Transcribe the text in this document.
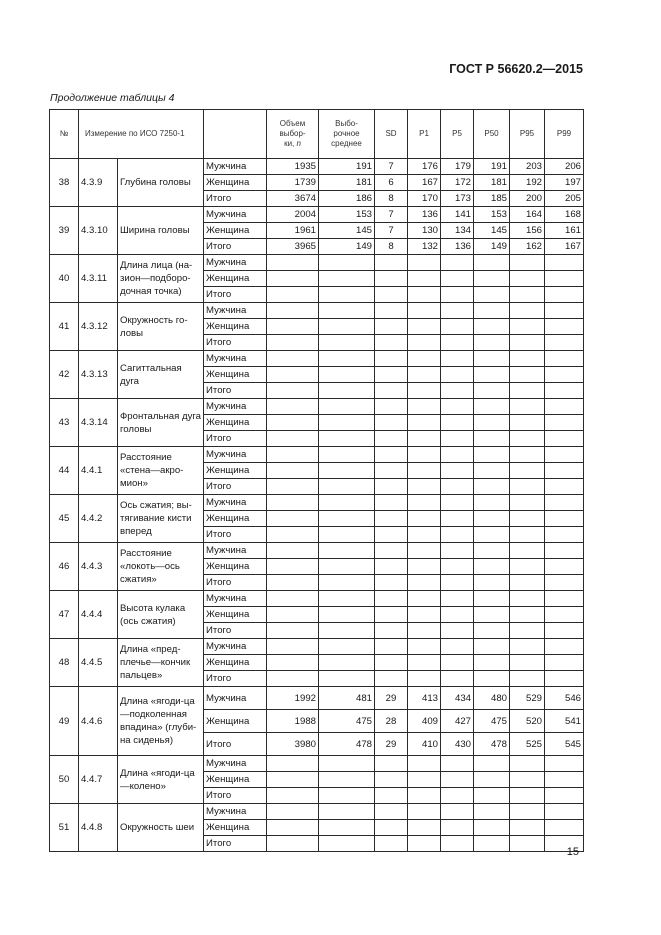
ГОСТ Р 56620.2—2015
Продолжение таблицы 4
№	Измерение по ИСО 7250-1			Объем
выбор-
ки, n	Выбо-
рочное
среднее	SD	P1	P5	P50	P95	P99
38	4.3.9	Глубина головы	Мужчина	1935	191	7	176	179	191	203	206
			Женщина	1739	181	6	167	172	181	192	197
			Итого	3674	186	8	170	173	185	200	205
39	4.3.10	Ширина головы	Мужчина	2004	153	7	136	141	153	164	168
			Женщина	1961	145	7	130	134	145	156	161
			Итого	3965	149	8	132	136	149	162	167
40	4.3.11	Длина лица (на-зион—подборо-дочная точка)	Мужчина								
			Женщина								
			Итого								
41	4.3.12	Окружность го-ловы	Мужчина								
			Женщина								
			Итого								
42	4.3.13	Сагиттальная дуга	Мужчина								
			Женщина								
			Итого								
43	4.3.14	Фронтальная дуга головы	Мужчина								
			Женщина								
			Итого								
44	4.4.1	Расстояние «стена—акро-мион»	Мужчина								
			Женщина								
			Итого								
45	4.4.2	Ось сжатия; вы-тягивание кисти вперед	Мужчина								
			Женщина								
			Итого								
46	4.4.3	Расстояние «локоть—ось сжатия»	Мужчина								
			Женщина								
			Итого								
47	4.4.4	Высота кулака (ось сжатия)	Мужчина								
			Женщина								
			Итого								
48	4.4.5	Длина «пред-плечье—кончик пальцев»	Мужчина								
			Женщина								
			Итого								
49	4.4.6	Длина «ягоди-ца—подколенная впадина» (глуби-на сиденья)	Мужчина	1992	481	29	413	434	480	529	546
			Женщина	1988	475	28	409	427	475	520	541
			Итого	3980	478	29	410	430	478	525	545
50	4.4.7	Длина «ягоди-ца—колено»	Мужчина								
			Женщина								
			Итого								
51	4.4.8	Окружность шеи	Мужчина								
			Женщина								
			Итого								
15
